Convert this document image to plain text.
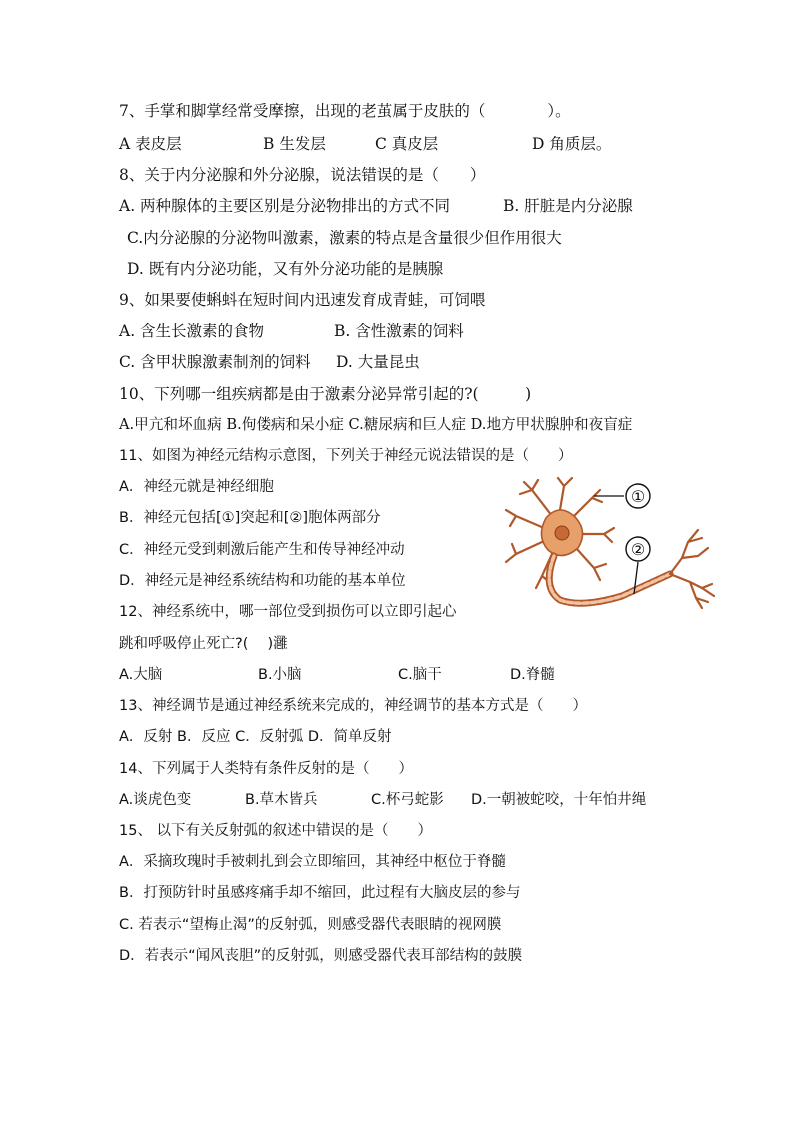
7、手掌和脚掌经常受摩擦，出现的老茧属于皮肤的（　　　　）。
A 表皮层	B 生发层	C 真皮层	D 角质层。
8、关于内分泌腺和外分泌腺，说法错误的是（　　）
A. 两种腺体的主要区别是分泌物排出的方式不同	B. 肝脏是内分泌腺
C.内分泌腺的分泌物叫激素，激素的特点是含量很少但作用很大
D. 既有内分泌功能，又有外分泌功能的是胰腺
9、如果要使蝌蚪在短时间内迅速发育成青蛙，可饲喂
A. 含生长激素的食物	B. 含性激素的饲料
C. 含甲状腺激素制剂的饲料 D. 大量昆虫
10、下列哪一组疾病都是由于激素分泌异常引起的?(　　　)
A.甲亢和坏血病 B.佝偻病和呆小症 C.糖尿病和巨人症 D.地方甲状腺肿和夜盲症
11、如图为神经元结构示意图，下列关于神经元说法错误的是（　　）
A．神经元就是神经细胞
B．神经元包括[①]突起和[②]胞体两部分
C．神经元受到刺激后能产生和传导神经冲动
D．神经元是神经系统结构和功能的基本单位
①
②
12、神经系统中，哪一部位受到损伤可以立即引起心
跳和呼吸停止死亡?(　 )灉
A.大脑	B.小脑	C.脑干	D.脊髓
13、神经调节是通过神经系统来完成的，神经调节的基本方式是（　　）
A．反射 B．反应 C．反射弧 D．简单反射
14、下列属于人类特有条件反射的是（　　）
A.谈虎色变	B.草木皆兵	C.杯弓蛇影 D.一朝被蛇咬，十年怕井绳
15、 以下有关反射弧的叙述中错误的是（　　）
A．采摘玫瑰时手被刺扎到会立即缩回，其神经中枢位于脊髓
B．打预防针时虽感疼痛手却不缩回，此过程有大脑皮层的参与
C. 若表示“望梅止渴”的反射弧，则感受器代表眼睛的视网膜
D．若表示“闻风丧胆”的反射弧，则感受器代表耳部结构的鼓膜
